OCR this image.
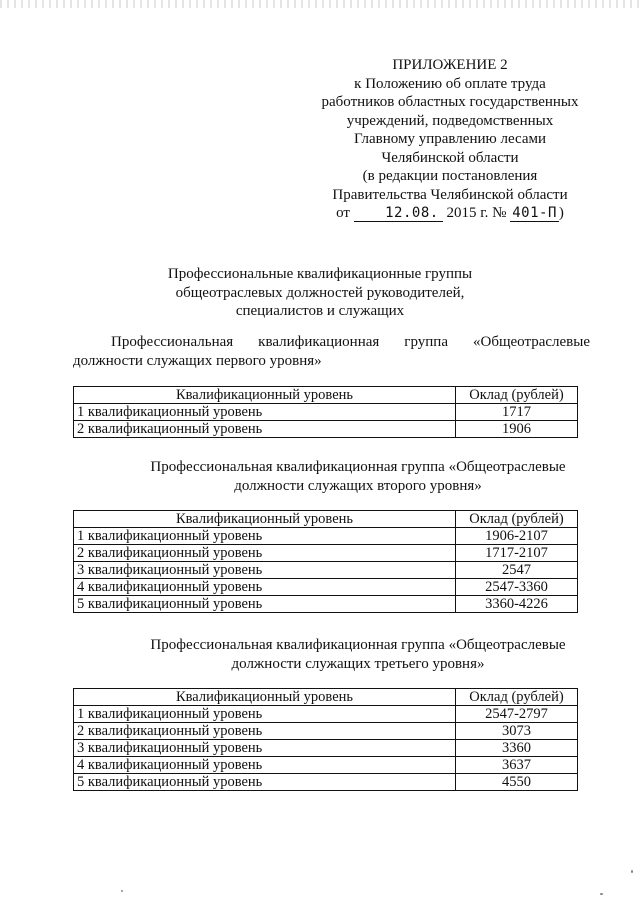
ПРИЛОЖЕНИЕ 2
к Положению об оплате труда
работников областных государственных
учреждений, подведомственных
Главному управлению лесами
Челябинской области
(в редакции постановления
Правительства Челябинской области
от	12.08. 2015 г. № 401-П )
Профессиональные квалификационные группы
общеотраслевых должностей руководителей,
специалистов и служащих
Профессиональная квалификационная группа «Общеотраслевые
должности служащих первого уровня»
Квалификационный уровень	Оклад (рублей)
1 квалификационный уровень	1717
2 квалификационный уровень	1906
Профессиональная квалификационная группа «Общеотраслевые
должности служащих второго уровня»
Квалификационный уровень	Оклад (рублей)
1 квалификационный уровень	1906-2107
2 квалификационный уровень	1717-2107
3 квалификационный уровень	2547
4 квалификационный уровень	2547-3360
5 квалификационный уровень	3360-4226
Профессиональная квалификационная группа «Общеотраслевые
должности служащих третьего уровня»
Квалификационный уровень	Оклад (рублей)
1 квалификационный уровень	2547-2797
2 квалификационный уровень	3073
3 квалификационный уровень	3360
4 квалификационный уровень	3637
5 квалификационный уровень	4550
